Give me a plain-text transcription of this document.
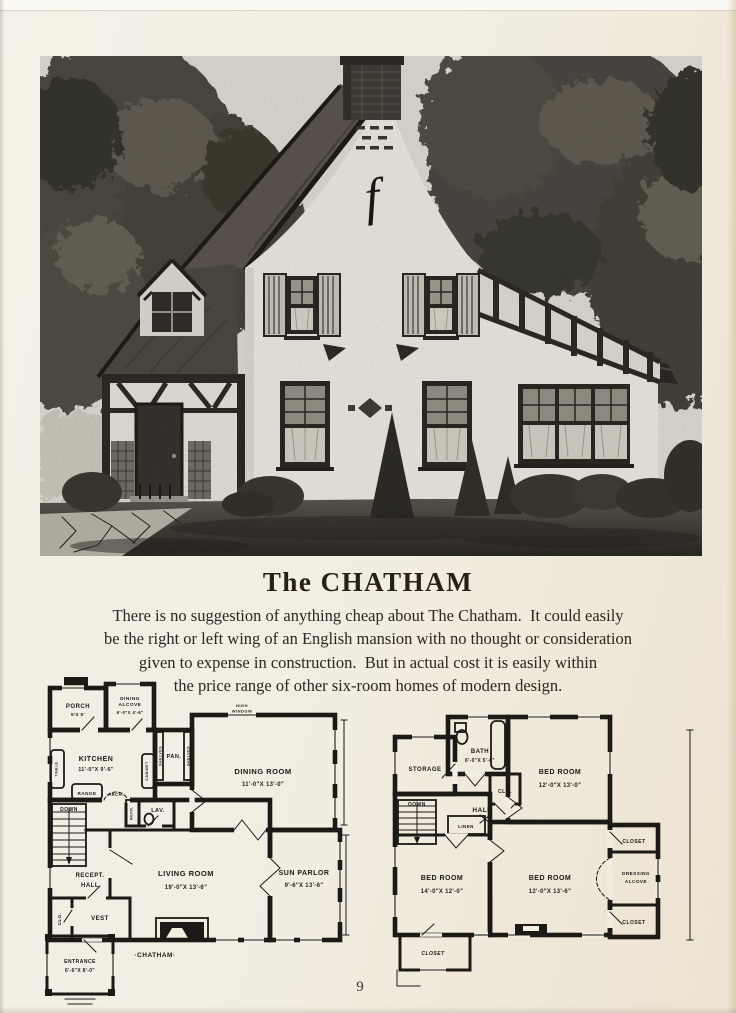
The CHATHAM
There is no suggestion of anything cheap about The Chatham.  It could easily
be the right or left wing of an English mansion with no thought or consideration
given to expense in construction.  But in actual cost it is easily within
the price range of other six-room homes of modern design.
PORCH
5'X 5'
DINING
ALCOVE
6'-0"X 4'-6"
KITCHEN
11'-0"X 9'-6"
PAN.
SHELVES	SHELVES
CABINET
TABLE	DINING ROOM
11'-0"X 13'-0"
HIGH
WINDOW
RANGE	ARCH.
DOWN	REFR.	LAV.
RECEPT.
HALL
LIVING ROOM
19'-0"X 13'-6"
SUN PARLOR
9'-6"X 13'-6"
VEST
CLO.
ENTRANCE
6'-6"X 8'-0"
·CHATHAM·
STORAGE
BATH
6'-0"X 5'-6"
CLO.
BED ROOM
12'-0"X 13'-0"
DOWN
HALL
LINEN
BED ROOM
14'-0"X 12'-0"
BED ROOM
12'-0"X 13'-6"
CLOSET
DRESSING
ALCOVE
CLOSET
CLOSET
9
